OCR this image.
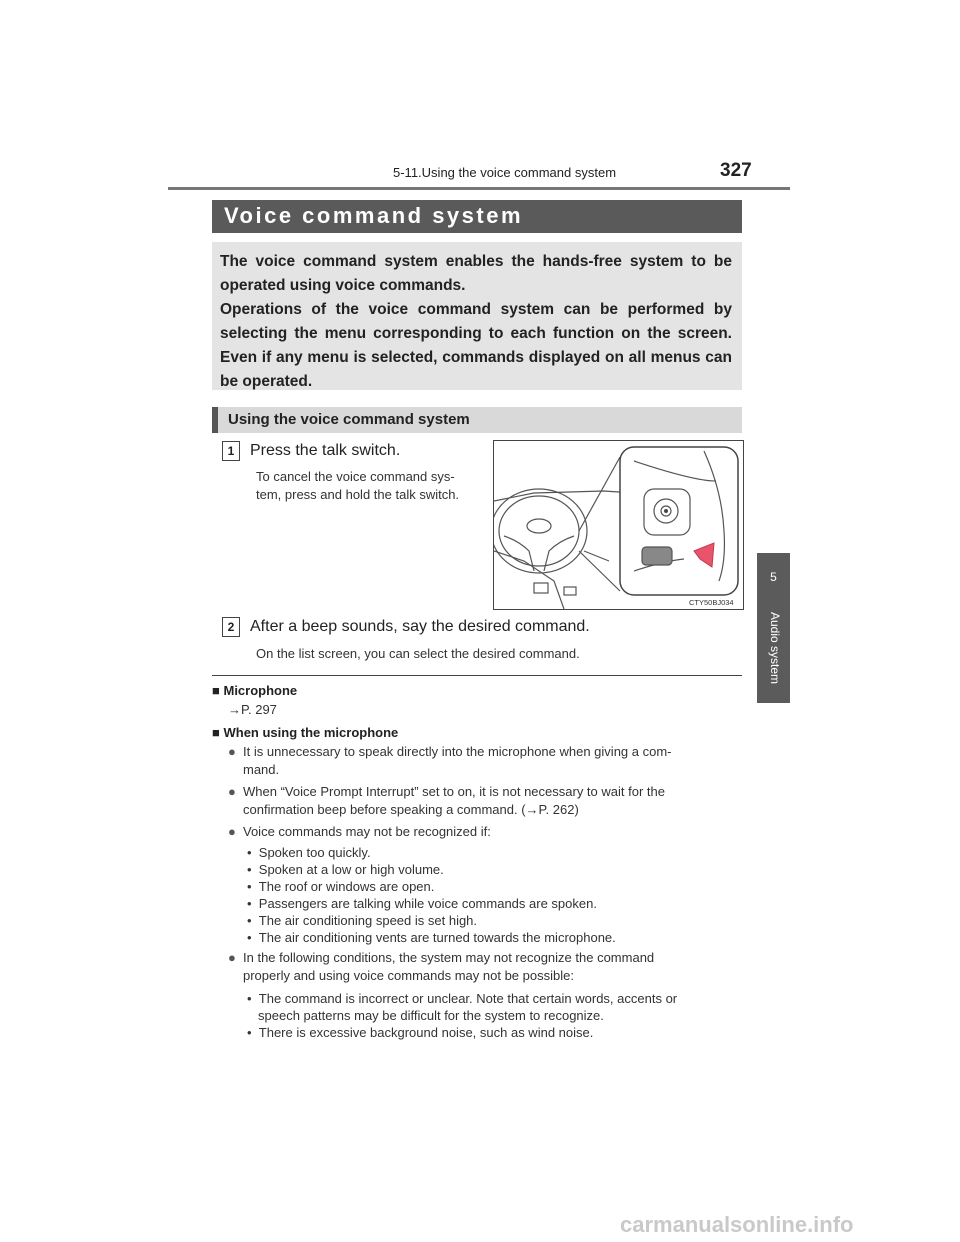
5-11.Using the voice command system	327
5
Audio system
Voice command system
The voice command system enables the hands-free system to be operated using voice commands.
Operations of the voice command system can be performed by selecting the menu corresponding to each function on the screen. Even if any menu is selected, commands displayed on all menus can be operated.
Using the voice command system
1 Press the talk switch.
To cancel the voice command sys-
tem, press and hold the talk switch.
CTY50BJ034
2 After a beep sounds, say the desired command.
On the list screen, you can select the desired command.
■ Microphone
→P. 297
■ When using the microphone
● It is unnecessary to speak directly into the microphone when giving a com-
mand.
● When “Voice Prompt Interrupt” set to on, it is not necessary to wait for the
confirmation beep before speaking a command. (→P. 262)
● Voice commands may not be recognized if:
•  Spoken too quickly.
•  Spoken at a low or high volume.
•  The roof or windows are open.
•  Passengers are talking while voice commands are spoken.
•  The air conditioning speed is set high.
•  The air conditioning vents are turned towards the microphone.
● In the following conditions, the system may not recognize the command
properly and using voice commands may not be possible:
•  The command is incorrect or unclear. Note that certain words, accents or
speech patterns may be difficult for the system to recognize.
•  There is excessive background noise, such as wind noise.
carmanualsonline.info
